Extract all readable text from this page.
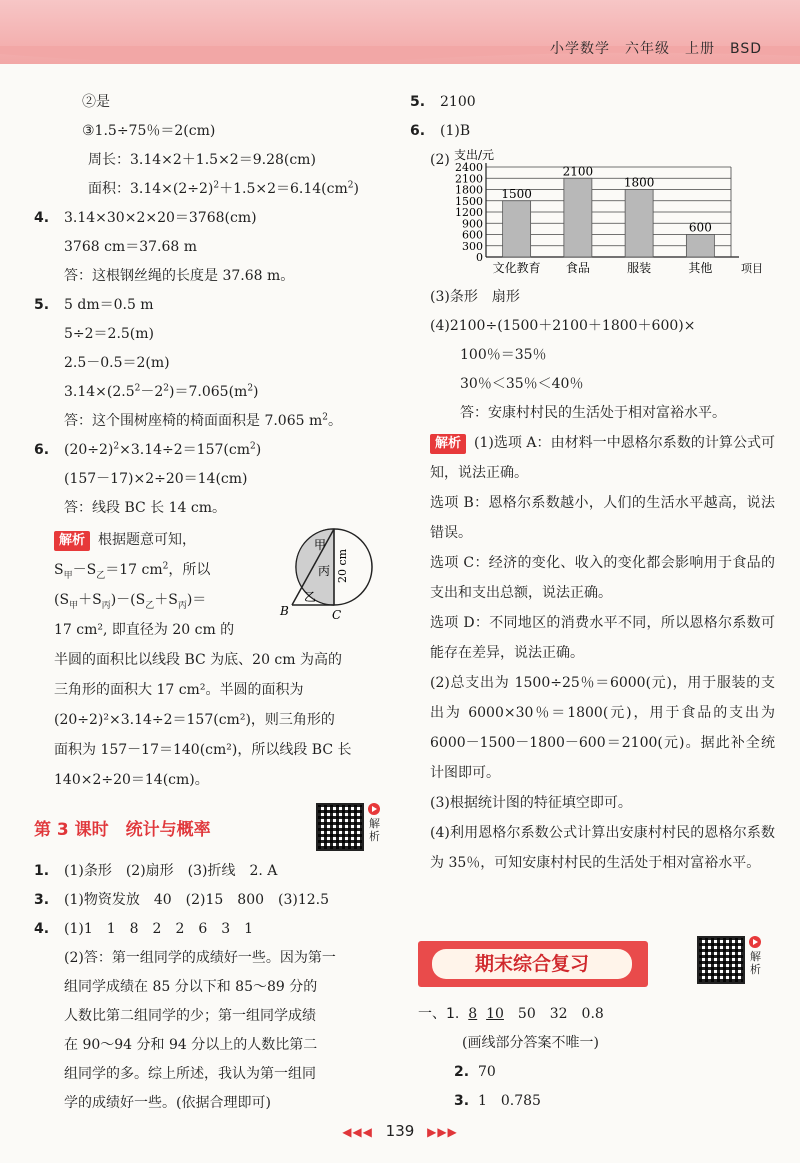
小学数学　六年级　上册　BSD
②是
③1.5÷75％＝2(cm)
周长：3.14×2＋1.5×2＝9.28(cm)
面积：$3.14\times(2\div 2)^2+1.5\times 2=6.14(cm^2)$
4. 3.14×30×2×20＝3768(cm)
3768 cm＝37.68 m
答：这根钢丝绳的长度是 37.68 m。
5. 5 dm＝0.5 m
5÷2＝2.5(m)
2.5－0.5＝2(m)
$3.14\times(2.5^2-2^2)=7.065(m^2)$
答：这个围树座椅的椅面面积是 7.065 $m^2$。
6. $(20\div 2)^2\times 3.14\div 2=157(cm^2)$
(157－17)×2÷20＝14(cm)
答：线段 BC 长 14 cm。
解析 根据题意可知，
$S_甲-S_乙=17$ $cm^2$，所以
$(S_甲+S_丙)-(S_乙+S_丙)=$
17 cm², 即直径为 20 cm 的
半圆的面积比以线段 BC 为底、20 cm 为高的
三角形的面积大 17 cm²。半圆的面积为
(20÷2)²×3.14÷2＝157(cm²)，则三角形的
面积为 157－17＝140(cm²)，所以线段 BC 长
140×2÷20＝14(cm)。
甲
丙
乙
B	C
20 cm
第 3 课时　统计与概率	解析
1. (1)条形　(2)扇形　(3)折线　2. A
3. (1)物资发放　40　(2)15　800　(3)12.5
4. (1)1　1　8　2　2　6　3　1
(2)答：第一组同学的成绩好一些。因为第一
组同学成绩在 85 分以下和 85～89 分的
人数比第二组同学的少；第一组同学成绩
在 90～94 分和 94 分以上的人数比第二
组同学的多。综上所述，我认为第一组同
学的成绩好一些。(依据合理即可)
5. 2100
6. (1)B
(2) 支出/元
0
300
600
900
1200
1500
1800
2100
2400
1500
文化教育
2100
食品
1800
服装
600
其他	项目
(3)条形　扇形
(4)2100÷(1500＋2100＋1800＋600)×
100％＝35％
30％＜35％＜40％
答：安康村村民的生活处于相对富裕水平。
解析 (1)选项 A：由材料一中恩格尔系数的计算公式可知，说法正确。
选项 B：恩格尔系数越小，人们的生活水平越高，说法错误。
选项 C：经济的变化、收入的变化都会影响用于食品的支出和支出总额，说法正确。
选项 D：不同地区的消费水平不同，所以恩格尔系数可能存在差异，说法正确。
(2)总支出为 1500÷25％＝6000(元)，用于服装的支出为 6000×30％＝1800(元)，用于食品的支出为 6000－1500－1800－600＝2100(元)。据此补全统计图即可。
(3)根据统计图的特征填空即可。
(4)利用恩格尔系数公式计算出安康村村民的恩格尔系数为 35％，可知安康村村民的生活处于相对富裕水平。
期末综合复习	解析
一、1. 8 10　50　32　0.8
(画线部分答案不唯一)
2. 70
3. 1　0.785
◀◀◀ 139 ▶▶▶
